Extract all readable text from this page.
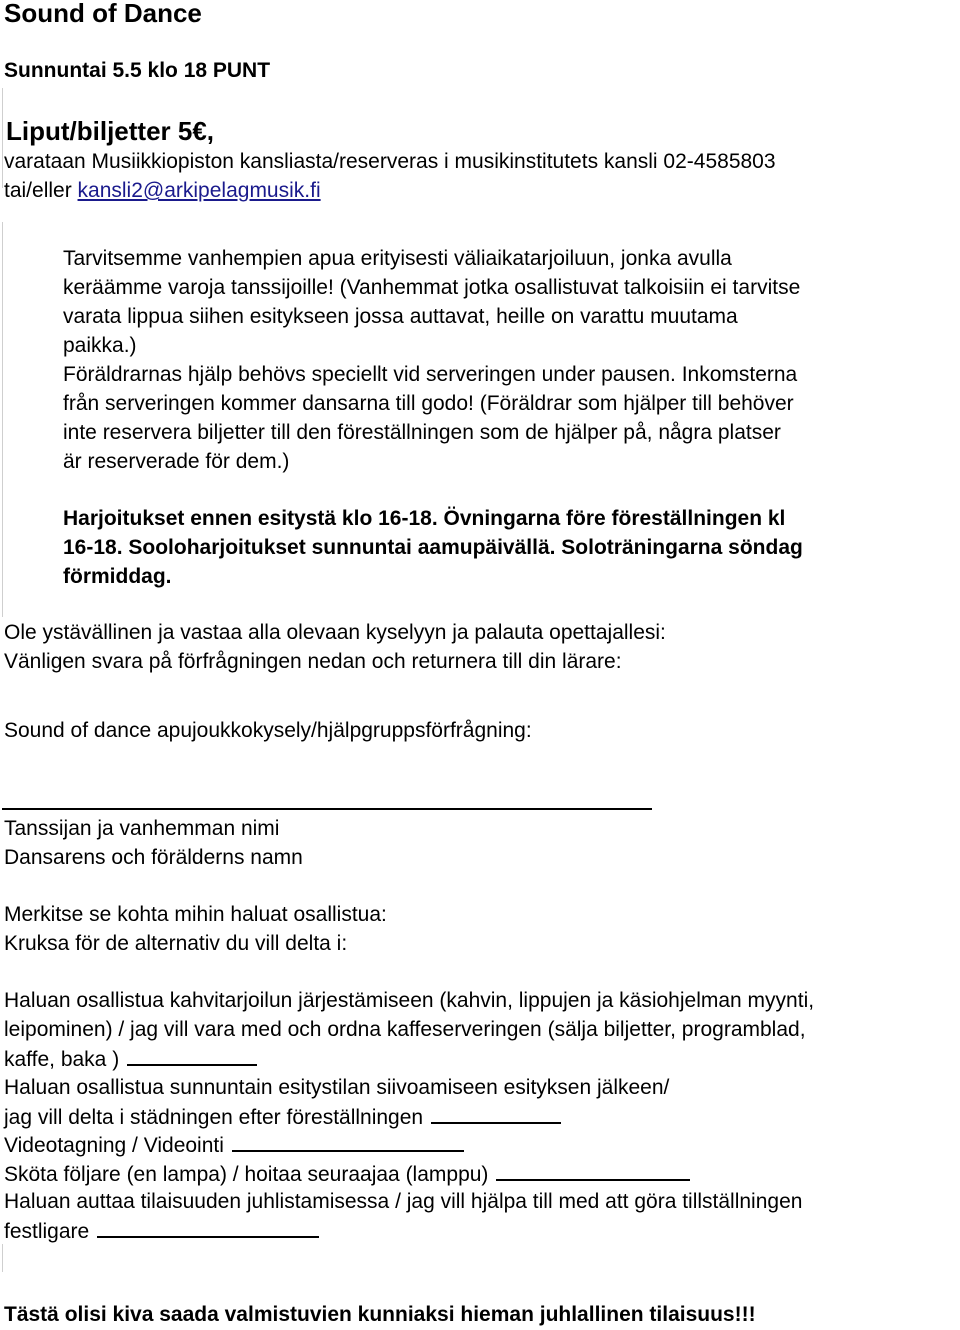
Sound of Dance
Sunnuntai 5.5 klo 18 PUNT
Liput/biljetter 5€,
varataan Musiikkiopiston kansliasta/reserveras i musikinstitutets kansli 02-4585803
tai/eller kansli2@arkipelagmusik.fi
Tarvitsemme vanhempien apua erityisesti väliaikatarjoiluun, jonka avulla
keräämme varoja tanssijoille! (Vanhemmat jotka osallistuvat talkoisiin ei tarvitse
varata lippua siihen esitykseen jossa auttavat, heille on varattu muutama
paikka.)
Föräldrarnas hjälp behövs speciellt vid serveringen under pausen. Inkomsterna
från serveringen kommer dansarna till godo! (Föräldrar som hjälper till behöver
inte reservera biljetter till den föreställningen som de hjälper på, några platser
är reserverade för dem.)
Harjoitukset ennen esitystä klo 16-18. Övningarna före föreställningen kl
16-18. Sooloharjoitukset sunnuntai aamupäivällä. Soloträningarna söndag
förmiddag.
Ole ystävällinen ja vastaa alla olevaan kyselyyn ja palauta opettajallesi:
Vänligen svara på förfrågningen nedan och returnera till din lärare:
Sound of dance apujoukkokysely/hjälpgruppsförfrågning:
Tanssijan ja vanhemman nimi
Dansarens och förälderns namn
Merkitse se kohta mihin haluat osallistua:
Kruksa för de alternativ du vill delta i:
Haluan osallistua kahvitarjoilun järjestämiseen (kahvin, lippujen ja käsiohjelman myynti,
leipominen) / jag vill vara med och ordna kaffeserveringen (sälja biljetter, programblad,
kaffe, baka )
Haluan osallistua sunnuntain esitystilan siivoamiseen esityksen jälkeen/
jag vill delta i städningen efter föreställningen
Videotagning / Videointi
Sköta följare (en lampa) / hoitaa seuraajaa (lamppu)
Haluan auttaa tilaisuuden juhlistamisessa / jag vill hjälpa till med att göra tillställningen
festligare
Tästä olisi kiva saada valmistuvien kunniaksi hieman juhlallinen tilaisuus!!!
